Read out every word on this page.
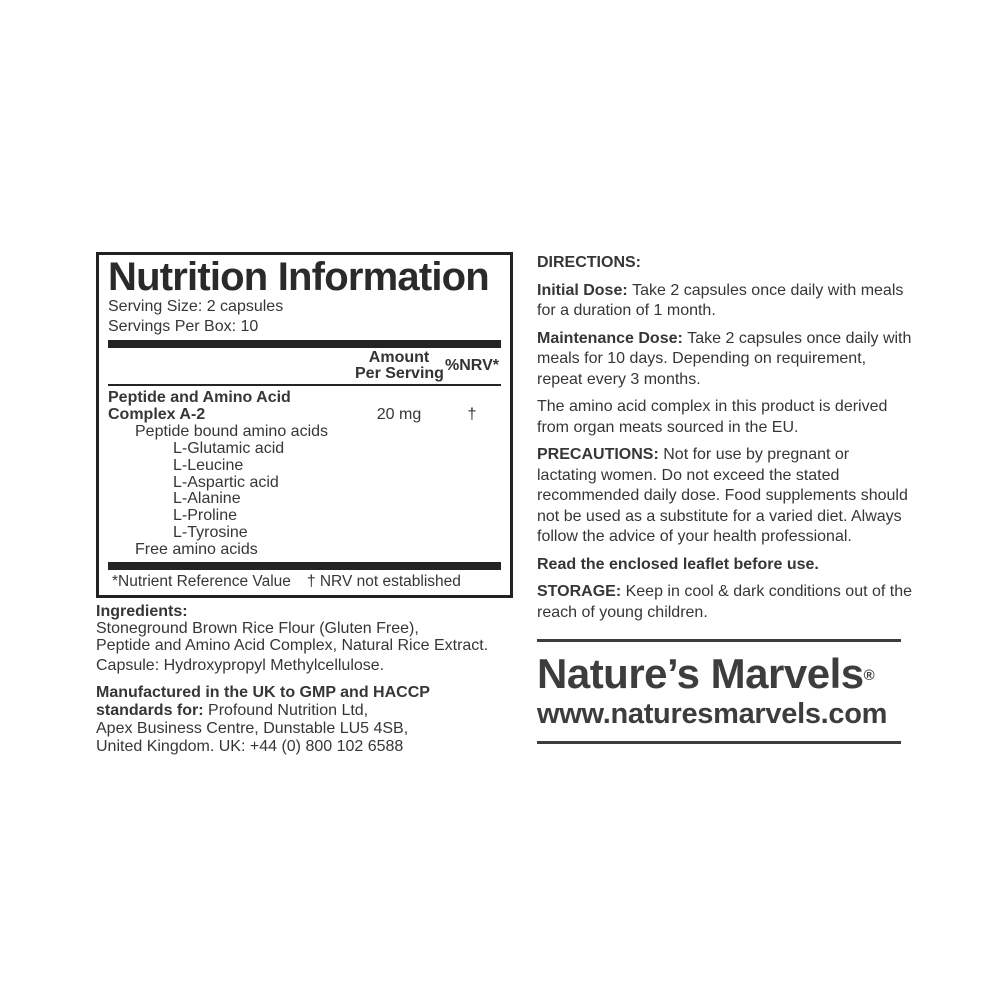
Nutrition Information
Serving Size: 2 capsules
Servings Per Box: 10
Amount
Per Serving %NRV*
Peptide and Amino Acid
Complex A-2	20 mg	†
Peptide bound amino acids
L-Glutamic acid
L-Leucine
L-Aspartic acid
L-Alanine
L-Proline
L-Tyrosine
Free amino acids
*Nutrient Reference Value † NRV not established
Ingredients:
Stoneground Brown Rice Flour (Gluten Free),
Peptide and Amino Acid Complex, Natural Rice Extract.
Capsule: Hydroxypropyl Methylcellulose.

Manufactured in the UK to GMP and HACCP standards for: Profound Nutrition Ltd,

Apex Business Centre, Dunstable LU5 4SB,
United Kingdom. UK: +44 (0) 800 102 6588
DIRECTIONS:

Initial Dose: Take 2 capsules once daily with meals for a duration of 1 month.

Maintenance Dose: Take 2 capsules once daily with meals for 10 days. Depending on requirement, repeat every 3 months.

The amino acid complex in this product is derived from organ meats sourced in the EU.

PRECAUTIONS: Not for use by pregnant or lactating women. Do not exceed the stated recommended daily dose. Food supplements should not be used as a substitute for a varied diet. Always follow the advice of your health professional.

Read the enclosed leaflet before use.

STORAGE: Keep in cool & dark conditions out of the reach of young children.

Nature’s Marvels®
www.naturesmarvels.com
